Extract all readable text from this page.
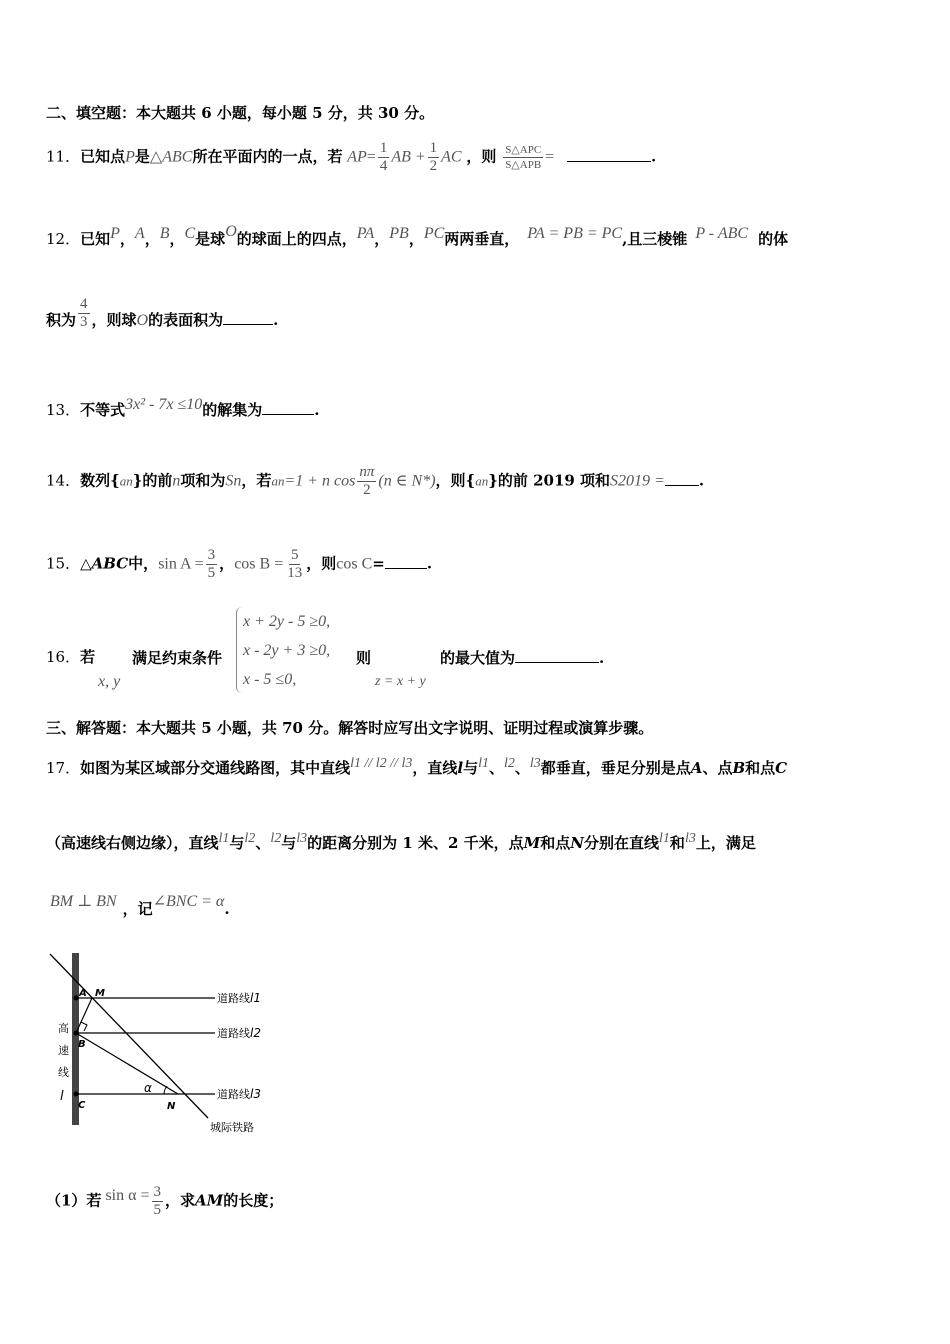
二、填空题：本大题共 6 小题，每小题 5 分，共 30 分。
11．已知点P是△ABC所在平面内的一点，若 $AP= \frac{1}{4}$ AB + $\frac{1}{2}$ AC ，则 $\frac{\text{S△APC}}{\text{S△APB}}$ =	.
12．已知P，A，B，C是球O的球面上的四点，PA，PB，PC两两垂直， PA = PB = PC,且三棱锥 P - ABC 的体
积为 $\frac{4}{3}$ ，则球O的表面积为	.
13．不等式3x² - 7x ≤10的解集为	.
14．数列{an}的前n项和为Sn，若an=1 + n $\cos \frac{n\pi}{2} (n$ ∈ N*)，则{an}的前 2019 项和S2019 = .
15．△ABC中，$\sin A = \frac{3}{5}$ ，$\cos B = \frac{5}{13}$ ，则cos C=	.
16．若
x, y
满足约束条件
x + 2y - 5 ≥0,
x - 2y + 3 ≥0,
x - 5 ≤0,
则
z = x + y
的最大值为	.
三、解答题：本大题共 5 小题，共 70 分。解答时应写出文字说明、证明过程或演算步骤。
17．如图为某区域部分交通线路图，其中直线l1 // l2 // l3，直线l与l1、l2、l3都垂直，垂足分别是点A、点B和点C
（高速线右侧边缘），直线l1与l2、l2与l3的距离分别为 1 米、2 千米，点M和点N分别在直线l1和l3上，满足
BM ⊥ BN ，记∠BNC = α.
A M
B
C	N
α
道路线l1
道路线l2
道路线l3
高
速
线
l
城际铁路
（1）若 $\sin \alpha = \frac{3}{5}$ ，求AM的长度；
